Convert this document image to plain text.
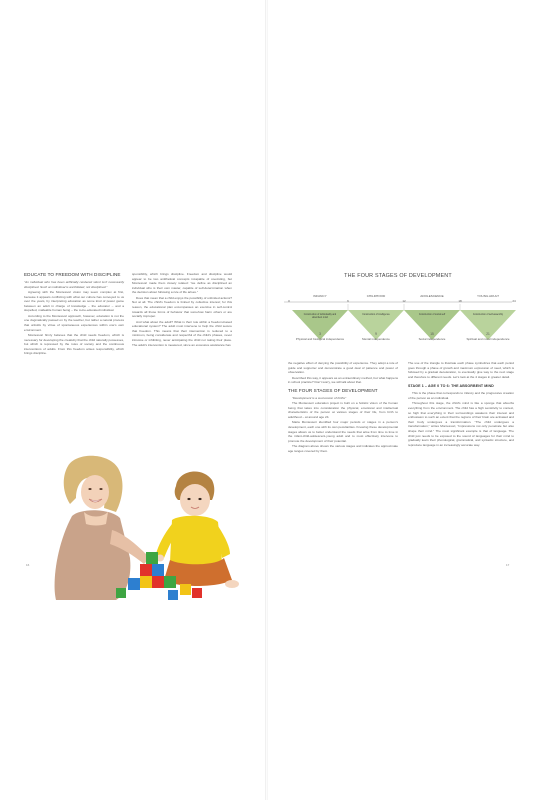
EDUCATE TO FREEDOM WITH DISCIPLINE

"An individual who has been artificially rendered silent isn't necessarily disciplined. Such an individual is annihilated, not disciplined."

Agreeing with the Montessori vision may seem complex at first, because it appears conflicting with what our culture has conveyed to us over the years, by interpreting education as some kind of power game between an adult in charge of knowledge – the educator – and a stupefied, malleable human being – the to-be-educated individual.

According to the Montessori approach, however, education is not the one dogmatically passed on by the teacher, but rather a natural process that unfolds by virtue of spontaneous experiences within one's own environment.

Montessori firmly believes that the child needs freedom, which is necessary for developing the creativity that the child naturally possesses, but which is repressed by the rules of society and the continuous interventions of adults. From this freedom arises responsibility, which brings discipline.

sponsibility, which brings discipline. Freedom and discipline would appear to be two antithetical concepts incapable of coexisting, but Montessori made them closely related: "we define as disciplined an individual who is their own master, capable of self-determination when the decision about following a rule of life arises."

Does that mean that a child enjoys the possibility of unlimited actions? Not at all. The child's freedom is limited by collective interest; for this reason, the educational plan encompasses an exercise in self-control towards all those forms of behavior that somehow harm others or are socially improper.

And what about the adult? What is their role within a freedom-based educational system? The adult must intervene to help the child secure that freedom. This means that their intervention is reduced to a minimum, being considerate and respectful of the child's phases, never intrusive or inhibiting, never anticipating the child nor taking their place. The adult's intervention is measured, since an excessive assistance has

16
THE FOUR STAGES OF DEVELOPMENT
INFANCY	CHILDHOOD	ADOLESCENCE	YOUNG ADULT
0	6	12	18	24
Construction of individuality and absorbent mind
Construction of intelligence	Construction of social self	Construction of self-assembly
3	9	15	21
Physical and biological independence	Mental independence	Social independence	Spiritual and moral independence

the negative effect of denying the possibility of experience. They adopt a role of guide and supporter and demonstrate a good deal of patience and power of observation.

Described this way, it appears as an extraordinary method, but what happens in school practice? Don't worry, we will talk about that.

THE FOUR STAGES OF DEVELOPMENT

"Development is a succession of births"

The Montessori education project is built on a holistic vision of the human being that takes into consideration the physical, emotional and intellectual characteristics of the person at various stages of their life, from birth to adulthood – at around age 24.

Maria Montessori identified four major periods or stages in a person's development, each one with its own peculiarities. Knowing these developmental stages allows us to better understand the needs that arise from time to time in the infant-child-adolescent-young adult and to most effectively intervene to promote the development of their potential.

The diagram above shows the various stages and indicates the approximate age ranges covered by them.

The use of the triangle to illustrate each phase symbolizes that each period goes through a phase of growth and maximum expression of need, which is followed by a gradual deceleration, to eventually give way to the next stage and therefore to different needs. Let's look at the 4 stages in greater detail.

STAGE 1 – AGE 0 TO 6: THE ABSORBENT MIND

This is the phase that corresponds to infancy and the progressive creation of the person as an individual.

Throughout this stage, the child's mind is like a sponge that absorbs everything from the environment. The child has a high sensitivity to context, so high that everything in their surroundings awakens their interest and enthusiasm to such an extent that the regions of their brain are activated and their body undergoes a transformation. "The child undergoes a transformation," writes Montessori, "impressions not only penetrate but also shape their mind." The most significant example is that of language. The child just needs to be exposed to the sound of languages for their mind to gradually learn their phonological, grammatical, and syntactic structure, and reproduce language in an increasingly accurate way.

17
